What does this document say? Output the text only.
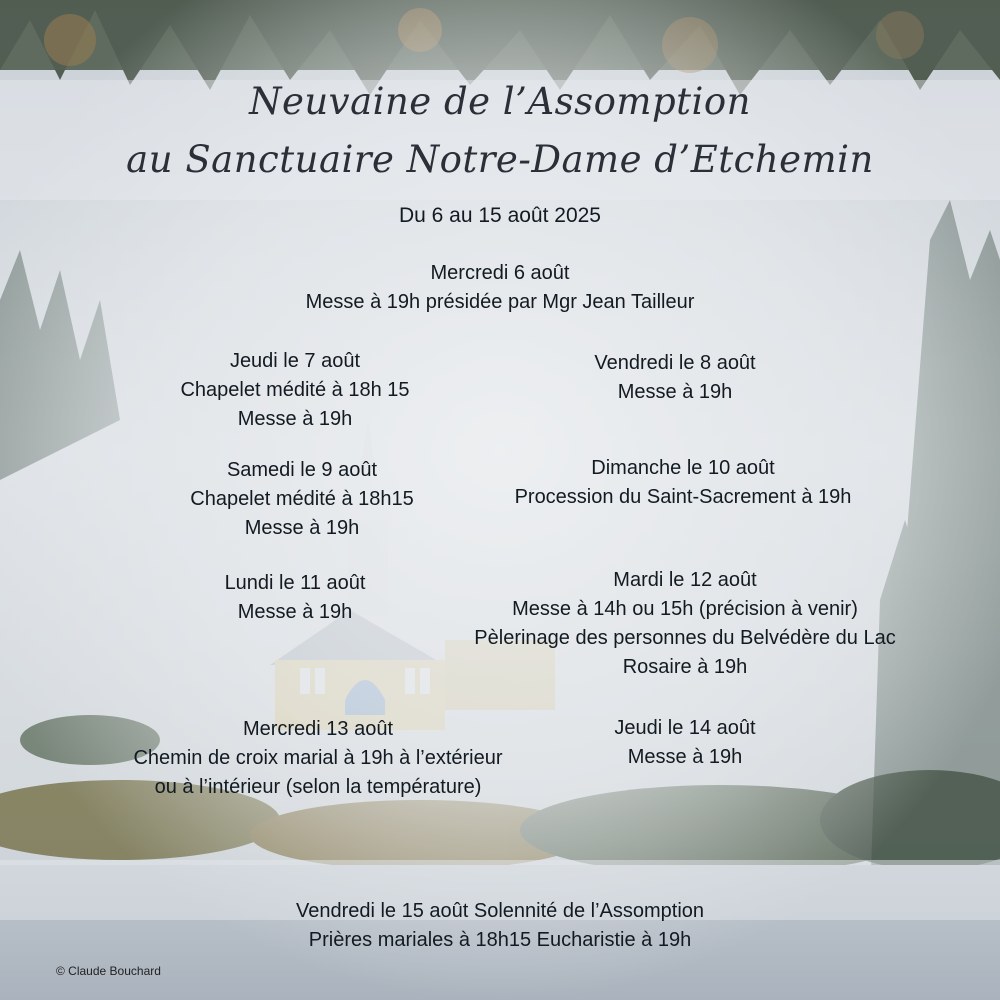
Neuvaine de l’Assomption
au Sanctuaire Notre-Dame d’Etchemin
Du 6 au 15 août 2025
Mercredi 6 août
Messe à 19h présidée par Mgr Jean Tailleur
Jeudi le 7 août
Chapelet médité à 18h 15
Messe à 19h
Vendredi le 8 août
Messe à 19h
Samedi le 9 août
Chapelet médité à 18h15
Messe à 19h
Dimanche le 10 août
Procession du Saint-Sacrement à 19h
Lundi le 11 août
Messe à 19h
Mardi le 12 août
Messe à 14h ou 15h (précision à venir)
Pèlerinage des personnes du Belvédère du Lac
Rosaire à 19h
Mercredi 13 août
Chemin de croix marial à 19h à l’extérieur
ou à l’intérieur (selon la température)
Jeudi le 14 août
Messe à 19h
Vendredi le 15 août Solennité de l’Assomption
Prières mariales à 18h15 Eucharistie à 19h
© Claude Bouchard
